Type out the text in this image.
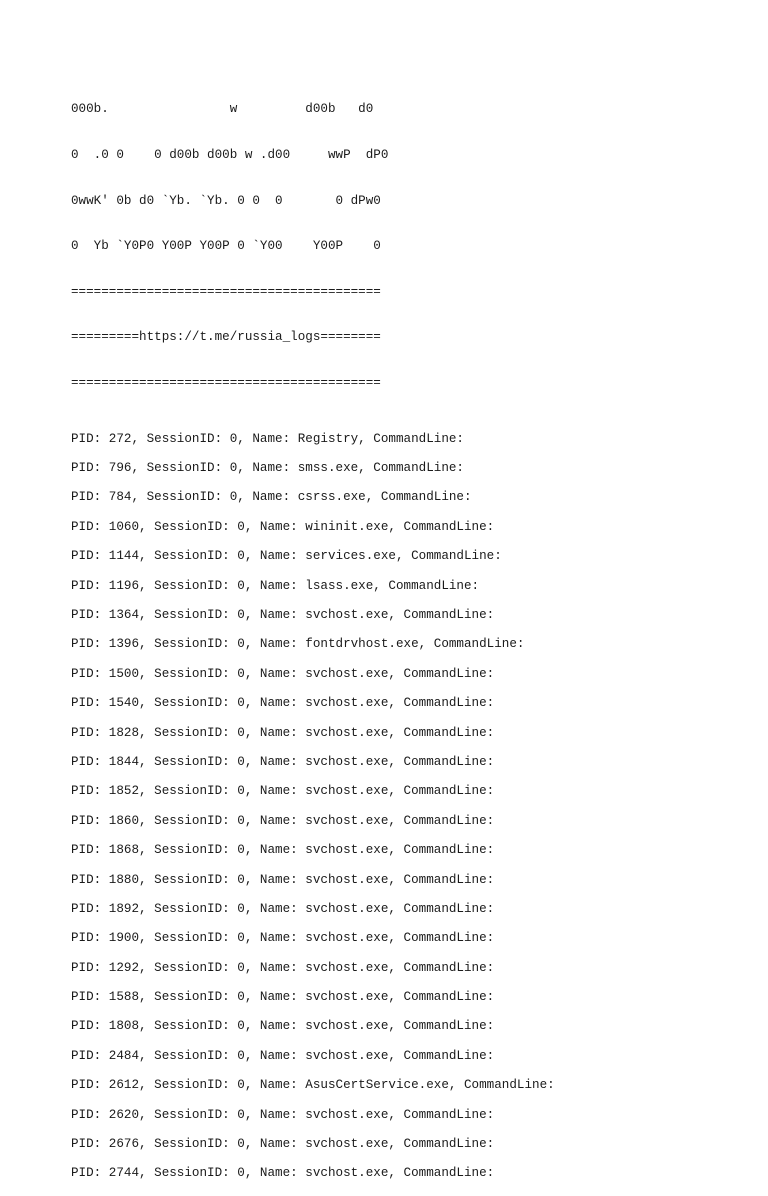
000b.                w         d00b   d0

0  .0 0    0 d00b d00b w .d00     wwP  dP0

0wwK' 0b d0 `Yb. `Yb. 0 0  0       0 dPw0

0  Yb `Y0P0 Y00P Y00P 0 `Y00    Y00P    0

=========================================

=========https://t.me/russia_logs========

=========================================

PID: 272, SessionID: 0, Name: Registry, CommandLine:
PID: 796, SessionID: 0, Name: smss.exe, CommandLine:
PID: 784, SessionID: 0, Name: csrss.exe, CommandLine:
PID: 1060, SessionID: 0, Name: wininit.exe, CommandLine:
PID: 1144, SessionID: 0, Name: services.exe, CommandLine:
PID: 1196, SessionID: 0, Name: lsass.exe, CommandLine:
PID: 1364, SessionID: 0, Name: svchost.exe, CommandLine:
PID: 1396, SessionID: 0, Name: fontdrvhost.exe, CommandLine:
PID: 1500, SessionID: 0, Name: svchost.exe, CommandLine:
PID: 1540, SessionID: 0, Name: svchost.exe, CommandLine:
PID: 1828, SessionID: 0, Name: svchost.exe, CommandLine:
PID: 1844, SessionID: 0, Name: svchost.exe, CommandLine:
PID: 1852, SessionID: 0, Name: svchost.exe, CommandLine:
PID: 1860, SessionID: 0, Name: svchost.exe, CommandLine:
PID: 1868, SessionID: 0, Name: svchost.exe, CommandLine:
PID: 1880, SessionID: 0, Name: svchost.exe, CommandLine:
PID: 1892, SessionID: 0, Name: svchost.exe, CommandLine:
PID: 1900, SessionID: 0, Name: svchost.exe, CommandLine:
PID: 1292, SessionID: 0, Name: svchost.exe, CommandLine:
PID: 1588, SessionID: 0, Name: svchost.exe, CommandLine:
PID: 1808, SessionID: 0, Name: svchost.exe, CommandLine:
PID: 2484, SessionID: 0, Name: svchost.exe, CommandLine:
PID: 2612, SessionID: 0, Name: AsusCertService.exe, CommandLine:
PID: 2620, SessionID: 0, Name: svchost.exe, CommandLine:
PID: 2676, SessionID: 0, Name: svchost.exe, CommandLine:
PID: 2744, SessionID: 0, Name: svchost.exe, CommandLine:
